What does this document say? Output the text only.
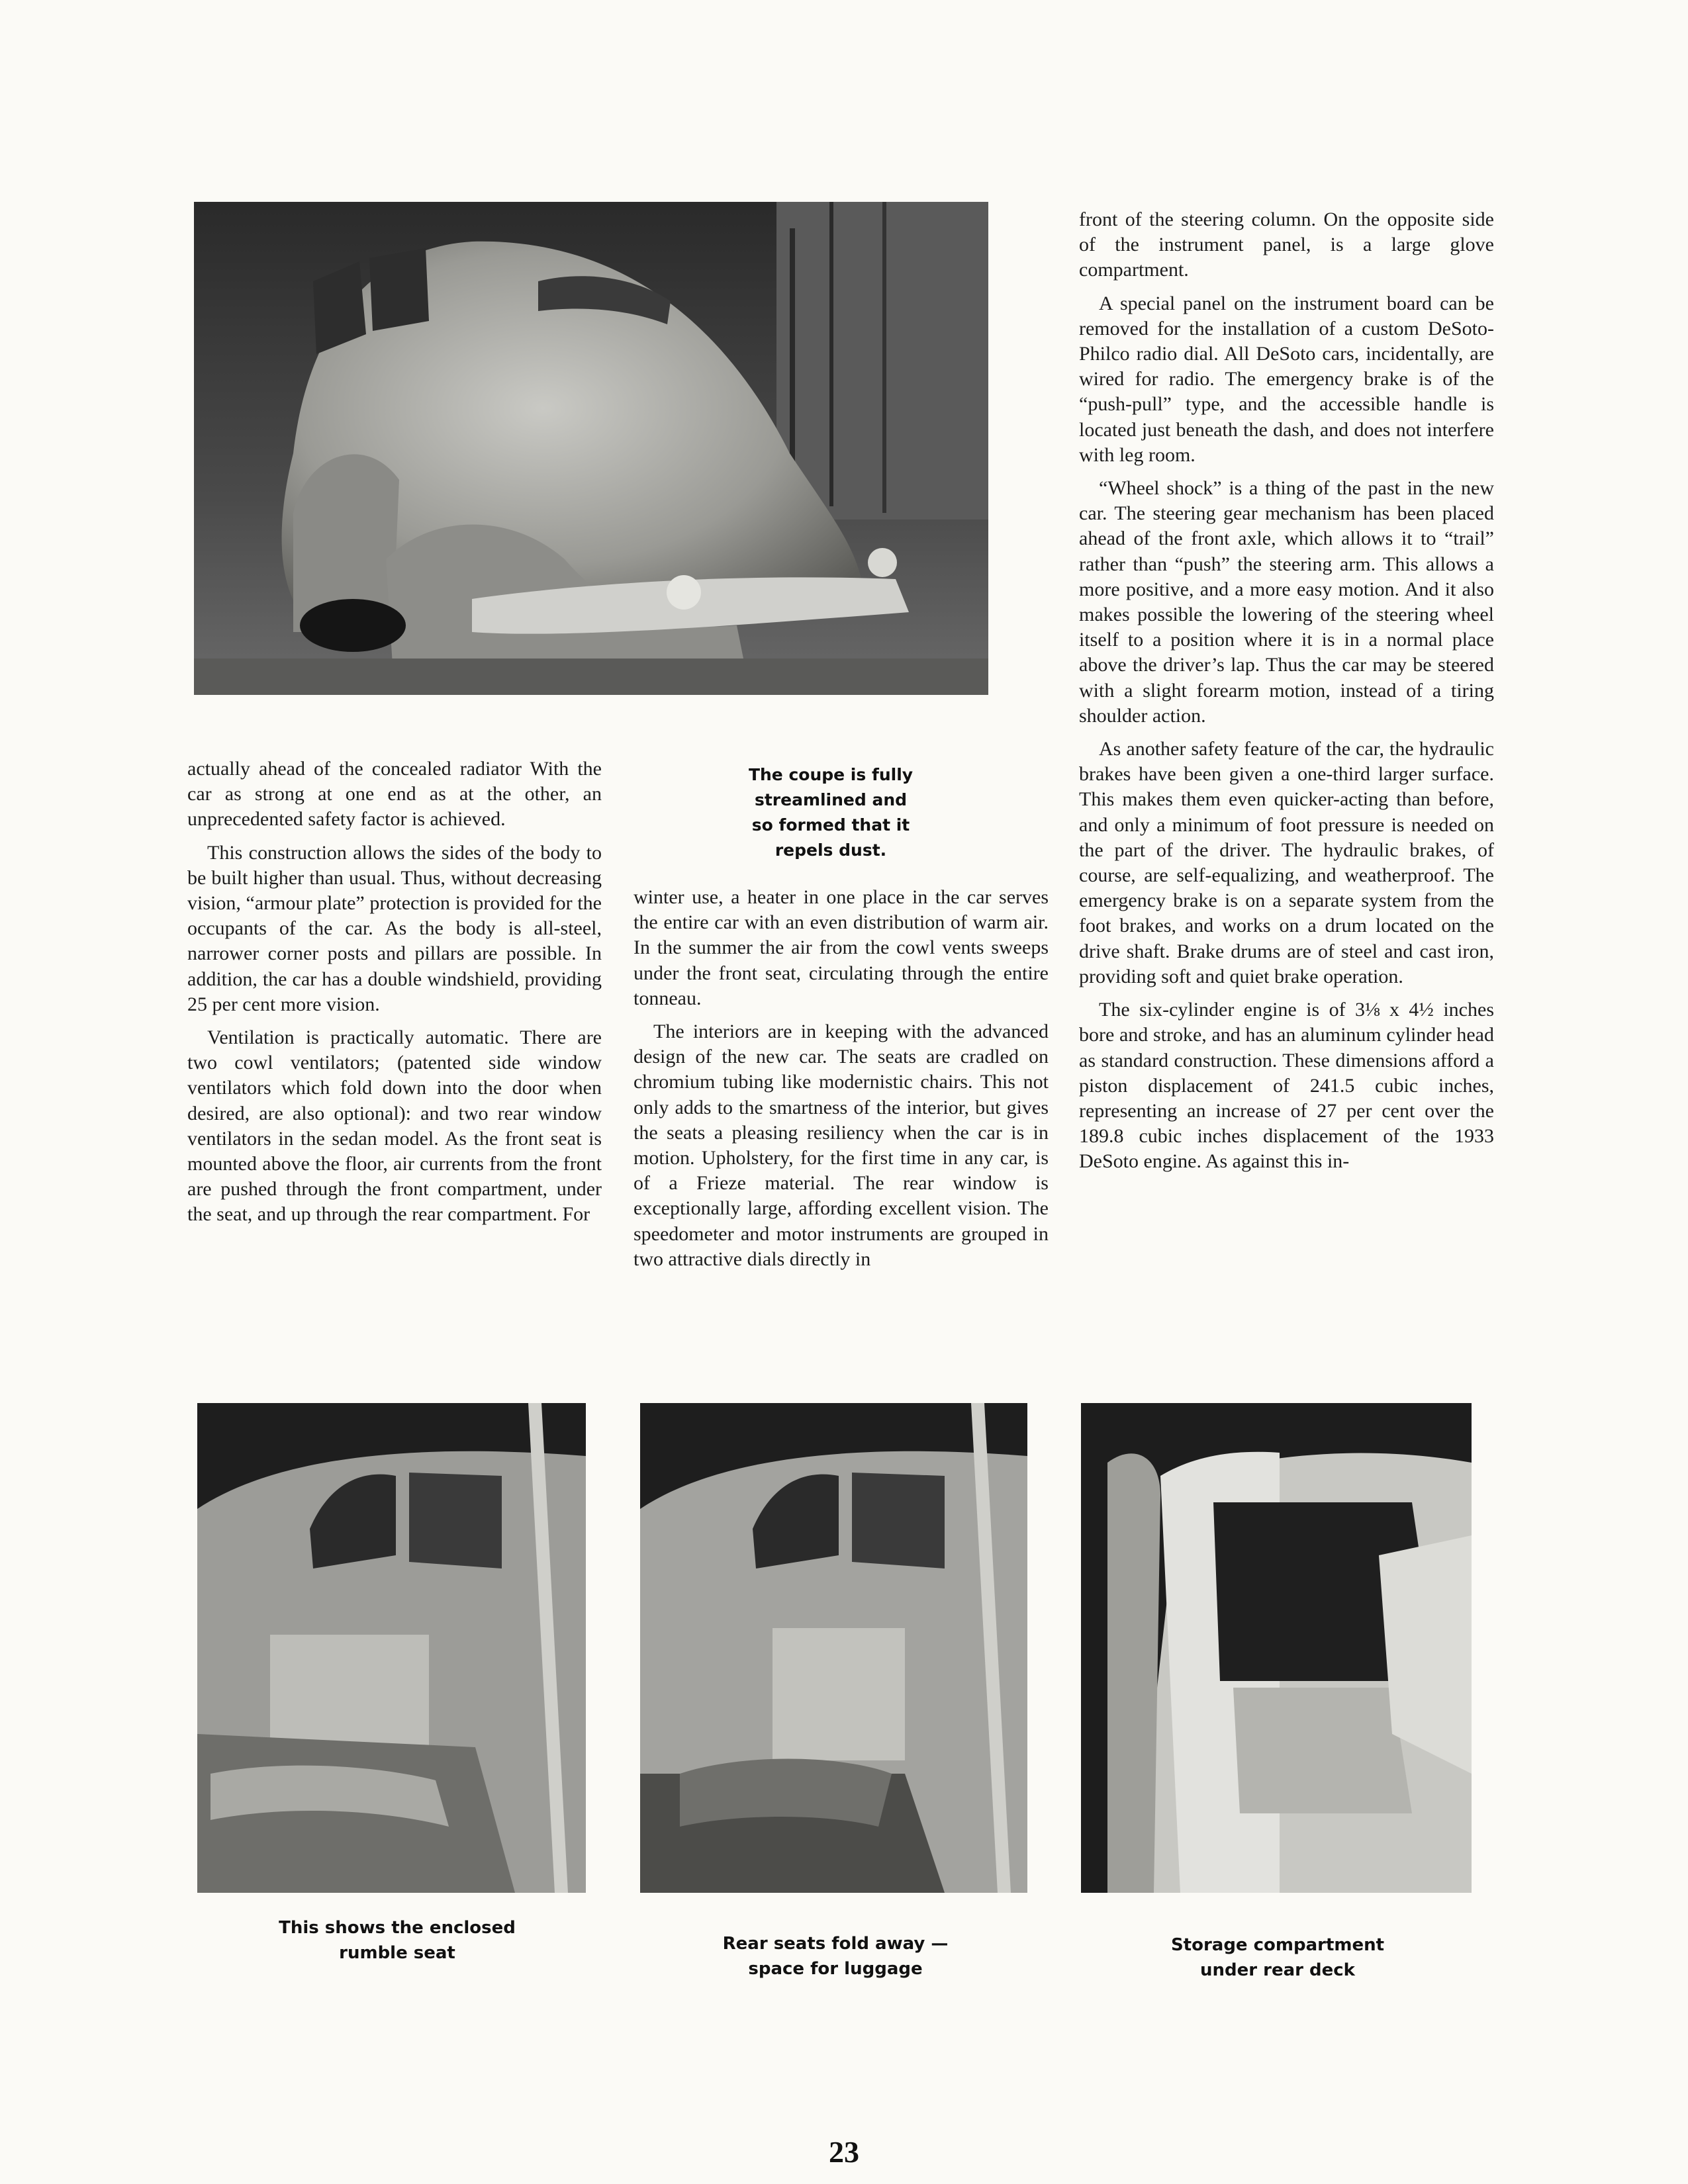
The coupe is fully streamlined and so formed that it repels dust.

actually ahead of the concealed radiator With the car as strong at one end as at the other, an unprecedented safety factor is achieved.

This construction allows the sides of the body to be built higher than usual. Thus, without decreasing vision, “armour plate” protection is provided for the occupants of the car. As the body is all-steel, narrower corner posts and pillars are possible. In addition, the car has a double windshield, providing 25 per cent more vision.

Ventilation is practically automatic. There are two cowl ventilators; (patented side window ventilators which fold down into the door when desired, are also optional): and two rear window ventilators in the sedan model. As the front seat is mounted above the floor, air currents from the front are pushed through the front compartment, under the seat, and up through the rear compartment. For

winter use, a heater in one place in the car serves the entire car with an even distribution of warm air. In the summer the air from the cowl vents sweeps under the front seat, circulating through the entire tonneau.

The interiors are in keeping with the advanced design of the new car. The seats are cradled on chromium tubing like modernistic chairs. This not only adds to the smartness of the interior, but gives the seats a pleasing resiliency when the car is in motion. Upholstery, for the first time in any car, is of a Frieze material. The rear window is exceptionally large, affording excellent vision. The speedometer and motor instruments are grouped in two attractive dials directly in

front of the steering column. On the opposite side of the instrument panel, is a large glove compartment.

A special panel on the instrument board can be removed for the installation of a custom DeSoto-Philco radio dial. All DeSoto cars, incidentally, are wired for radio. The emergency brake is of the “push-pull” type, and the accessible handle is located just beneath the dash, and does not interfere with leg room.

“Wheel shock” is a thing of the past in the new car. The steering gear mechanism has been placed ahead of the front axle, which allows it to “trail” rather than “push” the steering arm. This allows a more positive, and a more easy motion. And it also makes possible the lowering of the steering wheel itself to a position where it is in a normal place above the driver’s lap. Thus the car may be steered with a slight forearm motion, instead of a tiring shoulder action.

As another safety feature of the car, the hydraulic brakes have been given a one-third larger surface. This makes them even quicker-acting than before, and only a minimum of foot pressure is needed on the part of the driver. The hydraulic brakes, of course, are self-equalizing, and weatherproof. The emergency brake is on a separate system from the foot brakes, and works on a drum located on the drive shaft. Brake drums are of steel and cast iron, providing soft and quiet brake operation.

The six-cylinder engine is of 3⅛ x 4½ inches bore and stroke, and has an aluminum cylinder head as standard construction. These dimensions afford a piston displacement of 241.5 cubic inches, representing an increase of 27 per cent over the 189.8 cubic inches displacement of the 1933 DeSoto engine. As against this in-

This shows the enclosed rumble seat	Rear seats fold away —space for luggage
Storage compartment under rear deck
23
